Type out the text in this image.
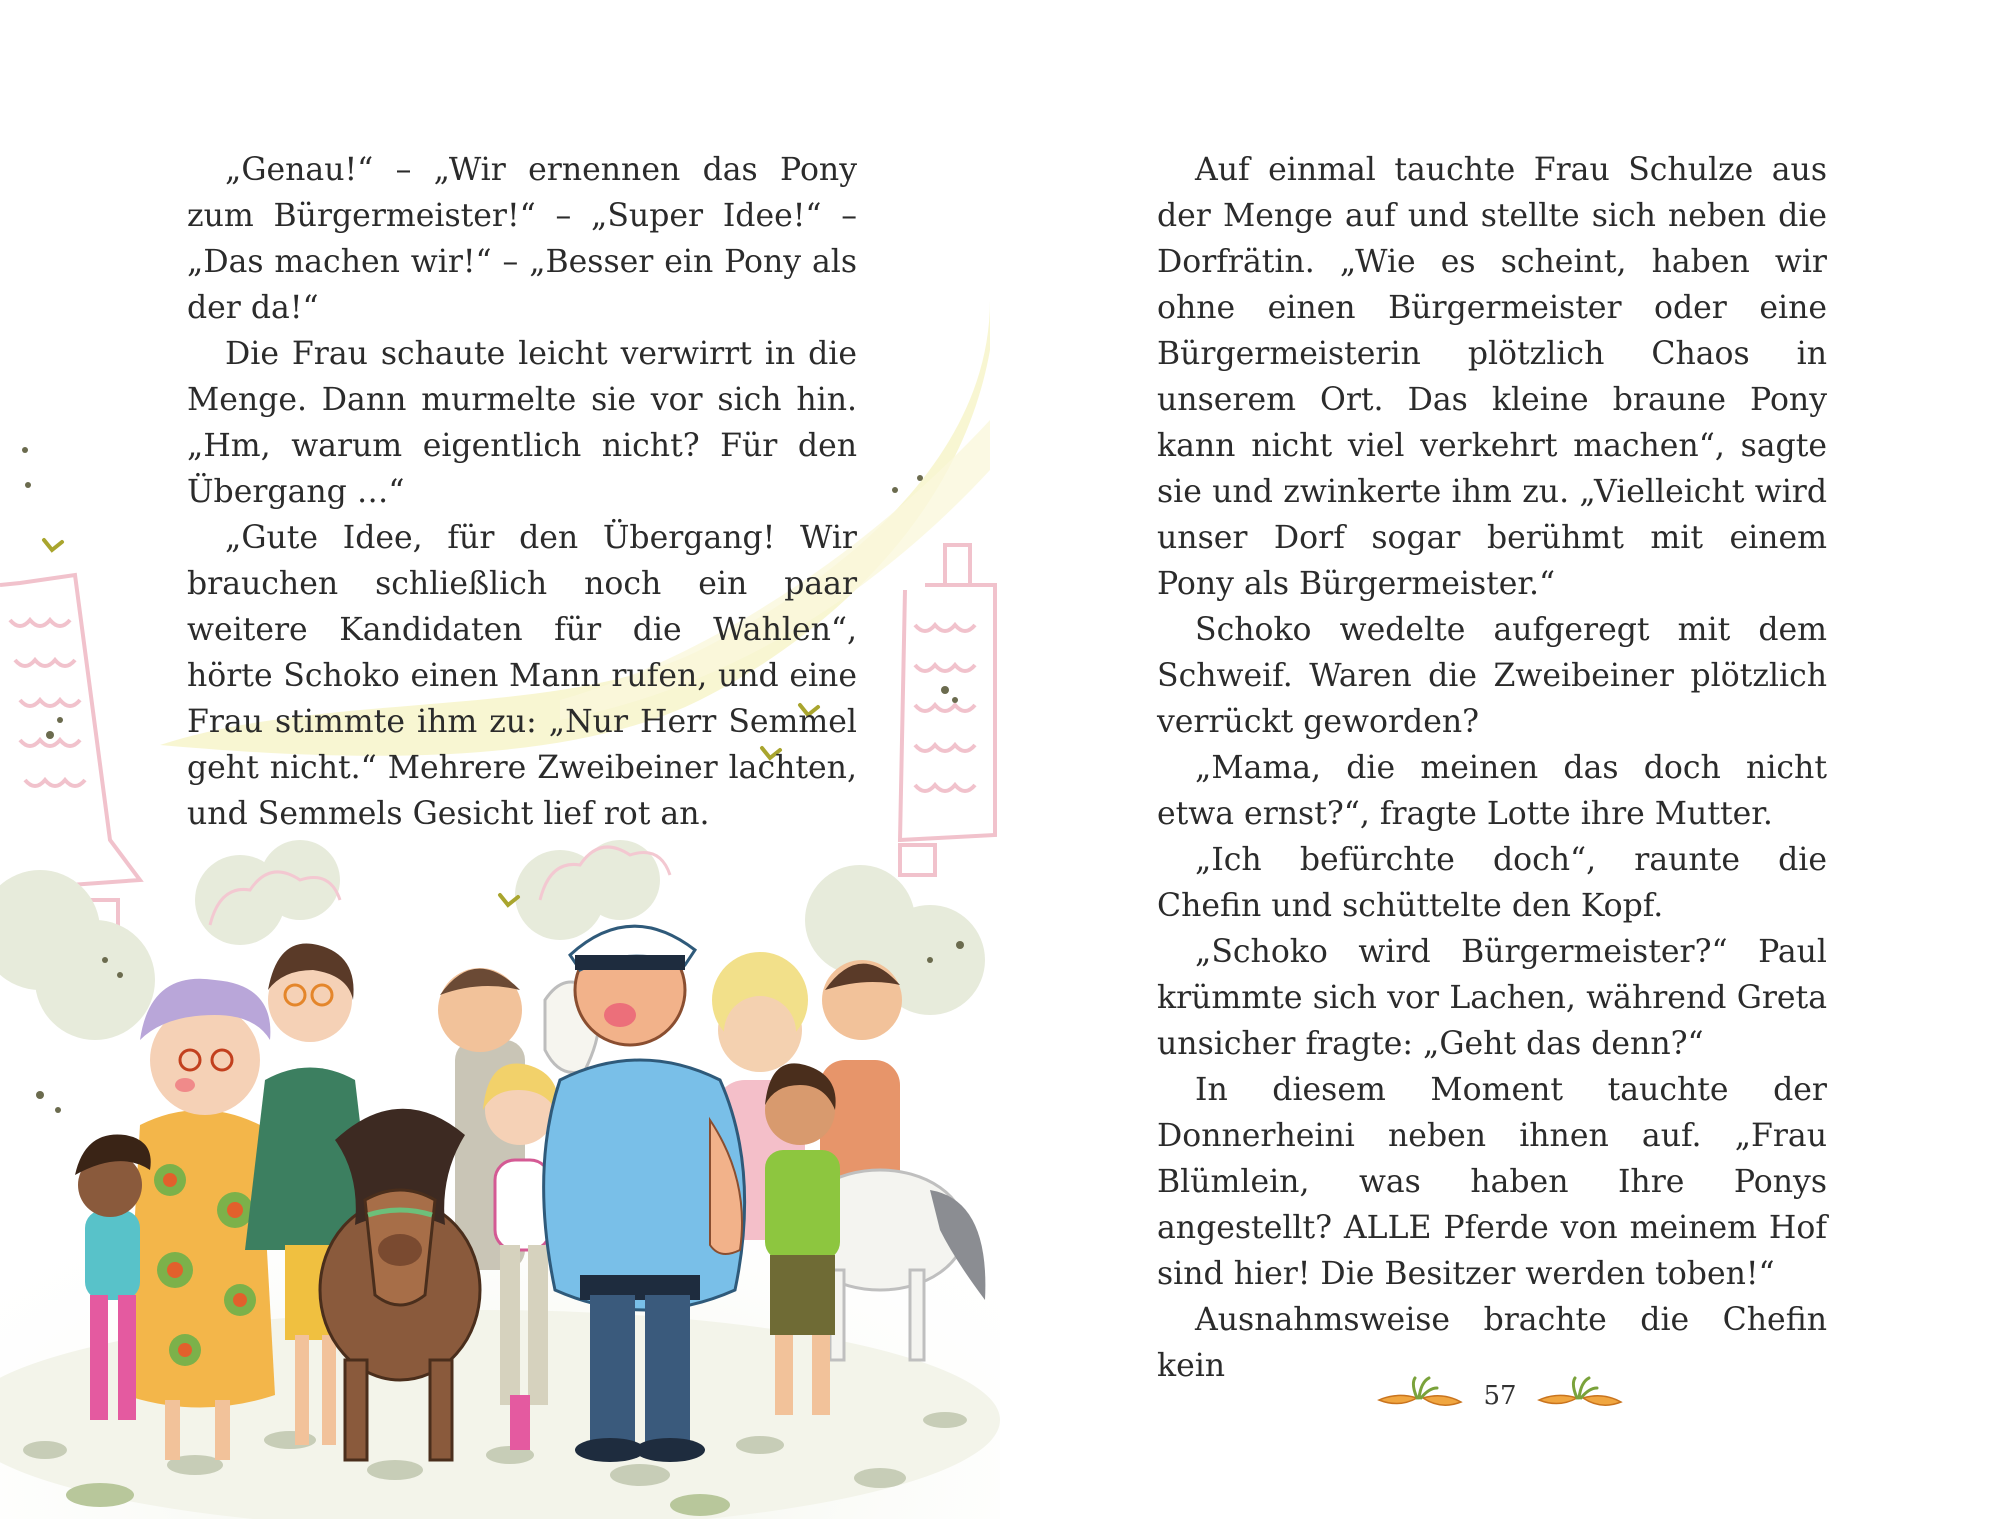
„Genau!“ – „Wir ernennen das Pony zum Bürgermeister!“ – „Super Idee!“ – „Das machen wir!“ – „Besser ein Pony als der da!“

Die Frau schaute leicht verwirrt in die Menge. Dann murmelte sie vor sich hin. „Hm, warum eigentlich nicht? Für den Übergang …“

„Gute Idee, für den Übergang! Wir brauchen schließlich noch ein paar weitere Kandidaten für die Wahlen“, hörte Schoko einen Mann rufen, und eine Frau stimmte ihm zu: „Nur Herr Semmel geht nicht.“ Mehrere Zweibeiner lachten, und Semmels Gesicht lief rot an.

Auf einmal tauchte Frau Schulze aus der Menge auf und stellte sich neben die Dorfrätin. „Wie es scheint, haben wir ohne einen Bürgermeister oder eine Bürgermeisterin plötzlich Chaos in unserem Ort. Das kleine braune Pony kann nicht viel verkehrt machen“, sagte sie und zwinkerte ihm zu. „Vielleicht wird unser Dorf sogar berühmt mit einem Pony als Bürgermeister.“

Schoko wedelte aufgeregt mit dem Schweif. Waren die Zweibeiner plötzlich verrückt geworden?

„Mama, die meinen das doch nicht etwa ernst?“, fragte Lotte ihre Mutter.

„Ich befürchte doch“, raunte die Chefin und schüttelte den Kopf.

„Schoko wird Bürgermeister?“ Paul krümmte sich vor Lachen, während Greta unsicher fragte: „Geht das denn?“

In diesem Moment tauchte der Donnerheini neben ihnen auf. „Frau Blümlein, was haben Ihre Ponys angestellt? ALLE Pferde von meinem Hof sind hier! Die Besitzer werden toben!“

Ausnahmsweise brachte die Chefin kein

57
